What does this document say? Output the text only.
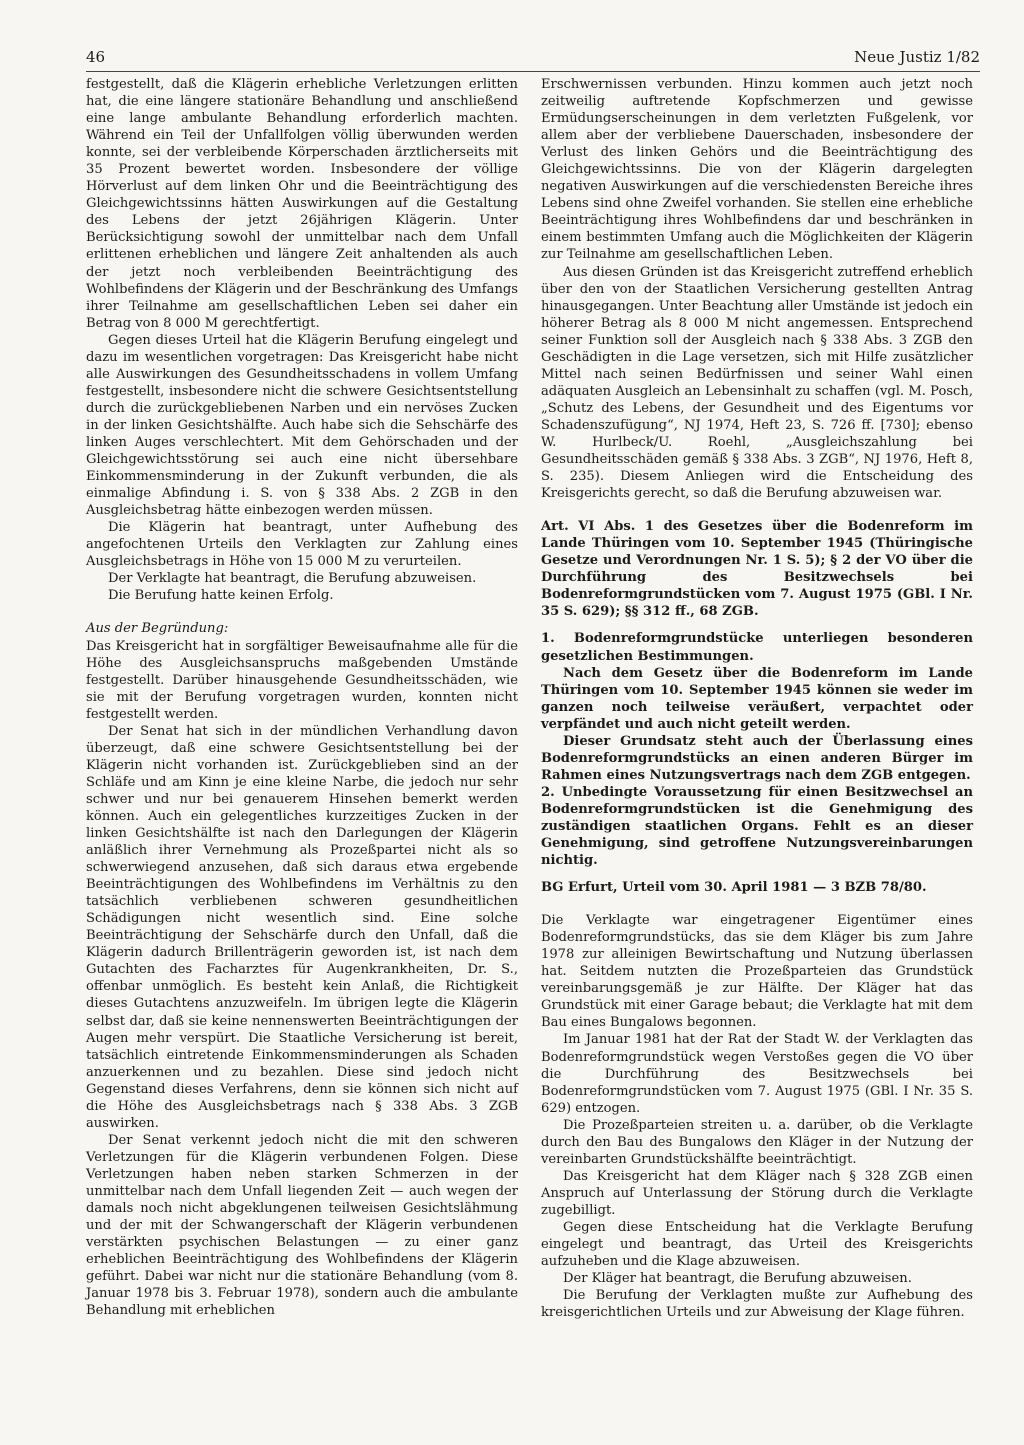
46	Neue Justiz 1/82

festgestellt, daß die Klägerin erhebliche Verletzungen erlitten hat, die eine längere stationäre Behandlung und anschließend eine lange ambulante Behandlung erforderlich machten. Während ein Teil der Unfallfolgen völlig überwunden werden konnte, sei der verbleibende Körperschaden ärztlicherseits mit 35 Prozent bewertet worden. Insbesondere der völlige Hörverlust auf dem linken Ohr und die Beeinträchtigung des Gleichgewichtssinns hätten Auswirkungen auf die Gestaltung des Lebens der jetzt 26jährigen Klägerin. Unter Berücksichtigung sowohl der unmittelbar nach dem Unfall erlittenen erheblichen und längere Zeit anhaltenden als auch der jetzt noch verbleibenden Beeinträchtigung des Wohlbefindens der Klägerin und der Beschränkung des Umfangs ihrer Teilnahme am gesellschaftlichen Leben sei daher ein Betrag von 8 000 M gerechtfertigt.

Gegen dieses Urteil hat die Klägerin Berufung eingelegt und dazu im wesentlichen vorgetragen: Das Kreisgericht habe nicht alle Auswirkungen des Gesundheitsschadens in vollem Umfang festgestellt, insbesondere nicht die schwere Gesichtsentstellung durch die zurückgebliebenen Narben und ein nervöses Zucken in der linken Gesichtshälfte. Auch habe sich die Sehschärfe des linken Auges verschlechtert. Mit dem Gehörschaden und der Gleichgewichtsstörung sei auch eine nicht übersehbare Einkommensminderung in der Zukunft verbunden, die als einmalige Abfindung i. S. von § 338 Abs. 2 ZGB in den Ausgleichsbetrag hätte einbezogen werden müssen.

Die Klägerin hat beantragt, unter Aufhebung des angefochtenen Urteils den Verklagten zur Zahlung eines Ausgleichsbetrags in Höhe von 15 000 M zu verurteilen.

Der Verklagte hat beantragt, die Berufung abzuweisen.

Die Berufung hatte keinen Erfolg.

Aus der Begründung:

Das Kreisgericht hat in sorgfältiger Beweisaufnahme alle für die Höhe des Ausgleichsanspruchs maßgebenden Umstände festgestellt. Darüber hinausgehende Gesundheitsschäden, wie sie mit der Berufung vorgetragen wurden, konnten nicht festgestellt werden.

Der Senat hat sich in der mündlichen Verhandlung davon überzeugt, daß eine schwere Gesichtsentstellung bei der Klägerin nicht vorhanden ist. Zurückgeblieben sind an der Schläfe und am Kinn je eine kleine Narbe, die jedoch nur sehr schwer und nur bei genauerem Hinsehen bemerkt werden können. Auch ein gelegentliches kurzzeitiges Zucken in der linken Gesichtshälfte ist nach den Darlegungen der Klägerin anläßlich ihrer Vernehmung als Prozeßpartei nicht als so schwerwiegend anzusehen, daß sich daraus etwa ergebende Beeinträchtigungen des Wohlbefindens im Verhältnis zu den tatsächlich verbliebenen schweren gesundheitlichen Schädigungen nicht wesentlich sind. Eine solche Beeinträchtigung der Sehschärfe durch den Unfall, daß die Klägerin dadurch Brillenträgerin geworden ist, ist nach dem Gutachten des Facharztes für Augenkrankheiten, Dr. S., offenbar unmöglich. Es besteht kein Anlaß, die Richtigkeit dieses Gutachtens anzuzweifeln. Im übrigen legte die Klägerin selbst dar, daß sie keine nennenswerten Beeinträchtigungen der Augen mehr verspürt. Die Staatliche Versicherung ist bereit, tatsächlich eintretende Einkommensminderungen als Schaden anzuerkennen und zu bezahlen. Diese sind jedoch nicht Gegenstand dieses Verfahrens, denn sie können sich nicht auf die Höhe des Ausgleichsbetrags nach § 338 Abs. 3 ZGB auswirken.

Der Senat verkennt jedoch nicht die mit den schweren Verletzungen für die Klägerin verbundenen Folgen. Diese Verletzungen haben neben starken Schmerzen in der unmittelbar nach dem Unfall liegenden Zeit — auch wegen der damals noch nicht abgeklungenen teilweisen Gesichtslähmung und der mit der Schwangerschaft der Klägerin verbundenen verstärkten psychischen Belastungen — zu einer ganz erheblichen Beeinträchtigung des Wohlbefindens der Klägerin geführt. Dabei war nicht nur die stationäre Behandlung (vom 8. Januar 1978 bis 3. Februar 1978), sondern auch die ambulante Behandlung mit erheblichen

Erschwernissen verbunden. Hinzu kommen auch jetzt noch zeitweilig auftretende Kopfschmerzen und gewisse Ermüdungserscheinungen in dem verletzten Fußgelenk, vor allem aber der verbliebene Dauerschaden, insbesondere der Verlust des linken Gehörs und die Beeinträchtigung des Gleichgewichtssinns. Die von der Klägerin dargelegten negativen Auswirkungen auf die verschiedensten Bereiche ihres Lebens sind ohne Zweifel vorhanden. Sie stellen eine erhebliche Beeinträchtigung ihres Wohlbefindens dar und beschränken in einem bestimmten Umfang auch die Möglichkeiten der Klägerin zur Teilnahme am gesellschaftlichen Leben.

Aus diesen Gründen ist das Kreisgericht zutreffend erheblich über den von der Staatlichen Versicherung gestellten Antrag hinausgegangen. Unter Beachtung aller Umstände ist jedoch ein höherer Betrag als 8 000 M nicht angemessen. Entsprechend seiner Funktion soll der Ausgleich nach § 338 Abs. 3 ZGB den Geschädigten in die Lage versetzen, sich mit Hilfe zusätzlicher Mittel nach seinen Bedürfnissen und seiner Wahl einen adäquaten Ausgleich an Lebensinhalt zu schaffen (vgl. M. Posch, „Schutz des Lebens, der Gesundheit und des Eigentums vor Schadenszufügung“, NJ 1974, Heft 23, S. 726 ff. [730]; ebenso W. Hurlbeck/U. Roehl, „Ausgleichszahlung bei Gesundheitsschäden gemäß § 338 Abs. 3 ZGB“, NJ 1976, Heft 8, S. 235). Diesem Anliegen wird die Entscheidung des Kreisgerichts gerecht, so daß die Berufung abzuweisen war.

Art. VI Abs. 1 des Gesetzes über die Bodenreform im Lande Thüringen vom 10. September 1945 (Thüringische Gesetze und Verordnungen Nr. 1 S. 5); § 2 der VO über die Durchführung des Besitzwechsels bei Bodenreformgrundstücken vom 7. August 1975 (GBl. I Nr. 35 S. 629); §§ 312 ff., 68 ZGB.

1. Bodenreformgrundstücke unterliegen besonderen gesetzlichen Bestimmungen.

Nach dem Gesetz über die Bodenreform im Lande Thüringen vom 10. September 1945 können sie weder im ganzen noch teilweise veräußert, verpachtet oder verpfändet und auch nicht geteilt werden.

Dieser Grundsatz steht auch der Überlassung eines Bodenreformgrundstücks an einen anderen Bürger im Rahmen eines Nutzungsvertrags nach dem ZGB entgegen.

2. Unbedingte Voraussetzung für einen Besitzwechsel an Bodenreformgrundstücken ist die Genehmigung des zuständigen staatlichen Organs. Fehlt es an dieser Genehmigung, sind getroffene Nutzungsvereinbarungen nichtig.

BG Erfurt, Urteil vom 30. April 1981 — 3 BZB 78/80.

Die Verklagte war eingetragener Eigentümer eines Bodenreformgrundstücks, das sie dem Kläger bis zum Jahre 1978 zur alleinigen Bewirtschaftung und Nutzung überlassen hat. Seitdem nutzten die Prozeßparteien das Grundstück vereinbarungsgemäß je zur Hälfte. Der Kläger hat das Grundstück mit einer Garage bebaut; die Verklagte hat mit dem Bau eines Bungalows begonnen.

Im Januar 1981 hat der Rat der Stadt W. der Verklagten das Bodenreformgrundstück wegen Verstoßes gegen die VO über die Durchführung des Besitzwechsels bei Bodenreformgrundstücken vom 7. August 1975 (GBl. I Nr. 35 S. 629) entzogen.

Die Prozeßparteien streiten u. a. darüber, ob die Verklagte durch den Bau des Bungalows den Kläger in der Nutzung der vereinbarten Grundstückshälfte beeinträchtigt.

Das Kreisgericht hat dem Kläger nach § 328 ZGB einen Anspruch auf Unterlassung der Störung durch die Verklagte zugebilligt.

Gegen diese Entscheidung hat die Verklagte Berufung eingelegt und beantragt, das Urteil des Kreisgerichts aufzuheben und die Klage abzuweisen.

Der Kläger hat beantragt, die Berufung abzuweisen.

Die Berufung der Verklagten mußte zur Aufhebung des kreisgerichtlichen Urteils und zur Abweisung der Klage führen.
